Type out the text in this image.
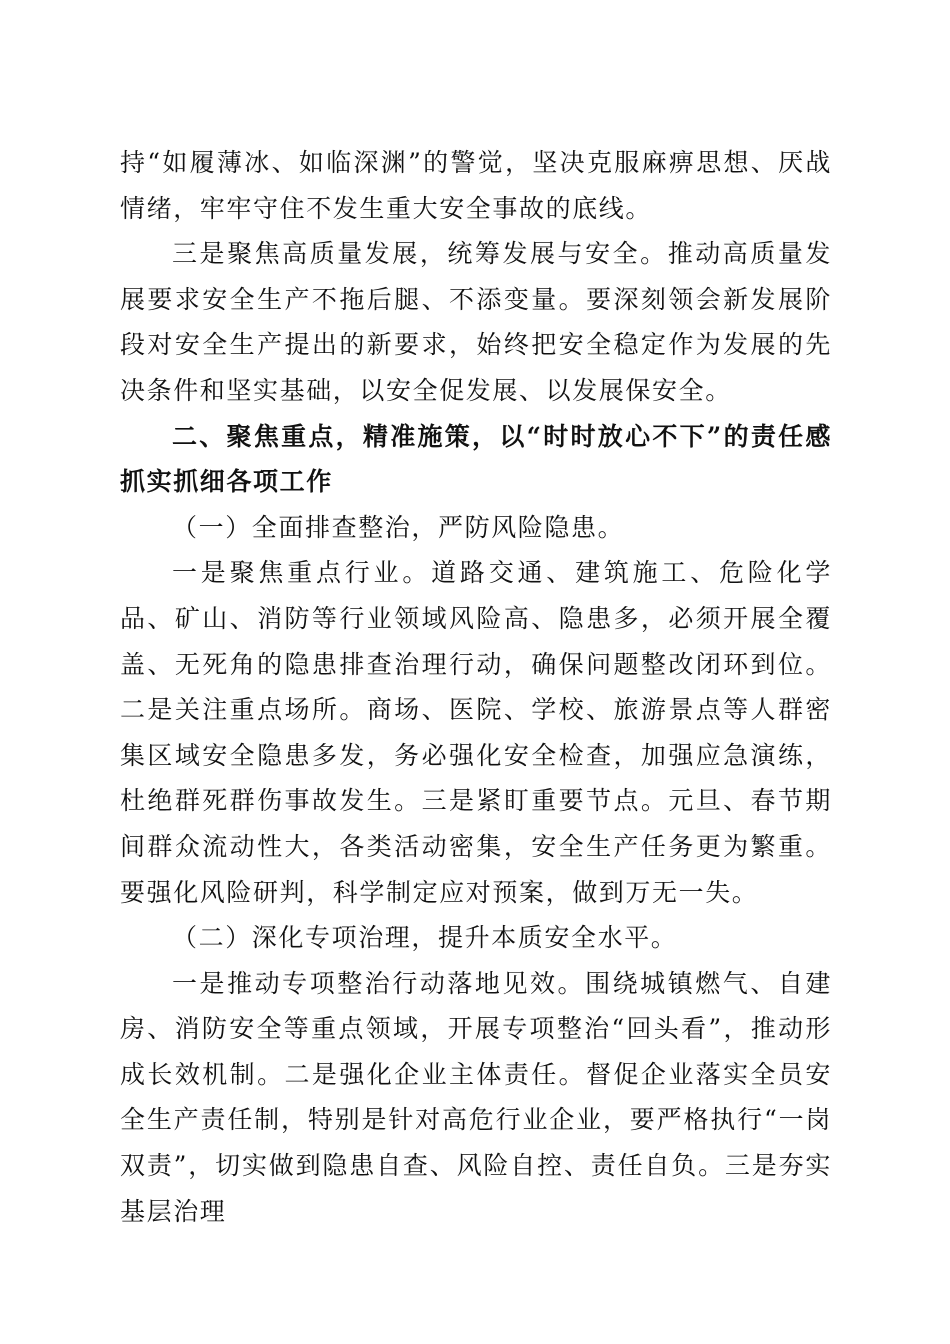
持“如履薄冰、如临深渊”的警觉，坚决克服麻痹思想、厌战情绪，牢牢守住不发生重大安全事故的底线。

三是聚焦高质量发展，统筹发展与安全。推动高质量发展要求安全生产不拖后腿、不添变量。要深刻领会新发展阶段对安全生产提出的新要求，始终把安全稳定作为发展的先决条件和坚实基础，以安全促发展、以发展保安全。

二、聚焦重点，精准施策，以“时时放心不下”的责任感抓实抓细各项工作

（一）全面排查整治，严防风险隐患。

一是聚焦重点行业。道路交通、建筑施工、危险化学品、矿山、消防等行业领域风险高、隐患多，必须开展全覆盖、无死角的隐患排查治理行动，确保问题整改闭环到位。二是关注重点场所。商场、医院、学校、旅游景点等人群密集区域安全隐患多发，务必强化安全检查，加强应急演练，杜绝群死群伤事故发生。三是紧盯重要节点。元旦、春节期间群众流动性大，各类活动密集，安全生产任务更为繁重。要强化风险研判，科学制定应对预案，做到万无一失。

（二）深化专项治理，提升本质安全水平。

一是推动专项整治行动落地见效。围绕城镇燃气、自建房、消防安全等重点领域，开展专项整治“回头看”，推动形成长效机制。二是强化企业主体责任。督促企业落实全员安全生产责任制，特别是针对高危行业企业，要严格执行“一岗双责”，切实做到隐患自查、风险自控、责任自负。三是夯实基层治理
